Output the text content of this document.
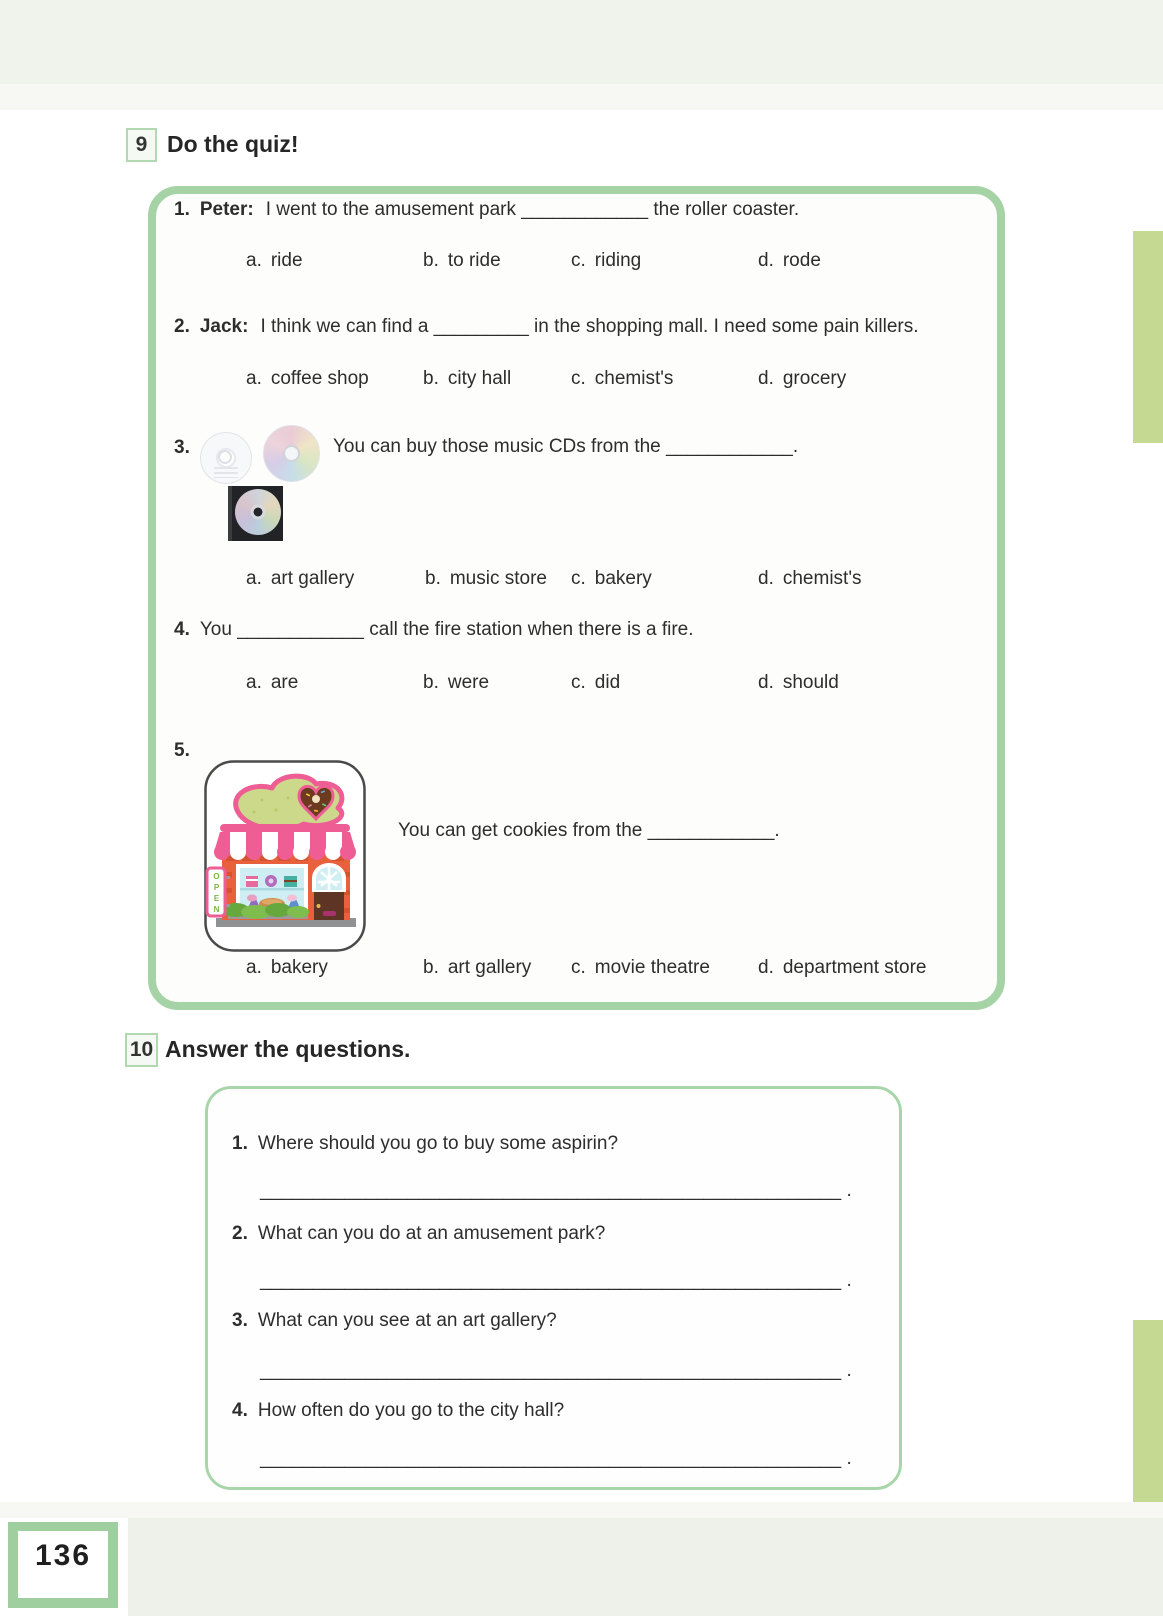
9 Do the quiz!
1. Peter: I went to the amusement park ____________ the roller coaster.
a. ride	b. to ride	c. riding	d. rode
2. Jack: I think we can find a _________ in the shopping mall. I need some pain killers.
a. coffee shop	b. city hall	c. chemist's	d. grocery
3.	You can buy those music CDs from the ____________.
a. art gallery	b. music store c. bakery	d. chemist's
4. You ____________ call the fire station when there is a fire.
a. are	b. were	c. did	d. should
5.
OPEN
You can get cookies from the ____________.
a. bakery	b. art gallery c. movie theatre	d. department store
10 Answer the questions.
1. Where should you go to buy some aspirin?
_______________________________________________________ .
2. What can you do at an amusement park?
_______________________________________________________ .
3. What can you see at an art gallery?
_______________________________________________________ .
4. How often do you go to the city hall?
_______________________________________________________ .
136
